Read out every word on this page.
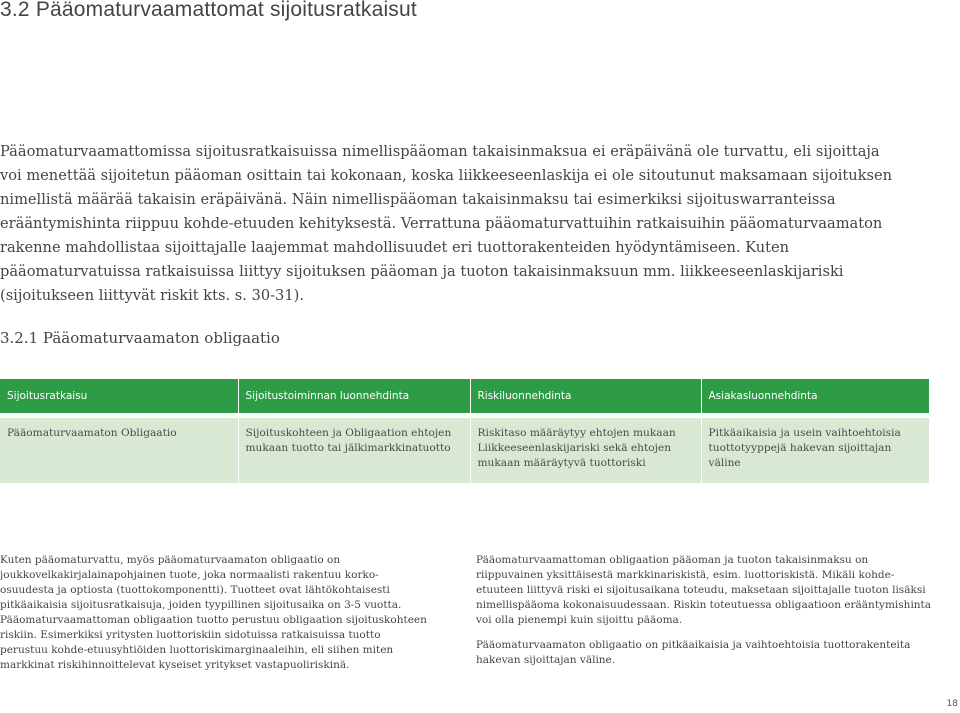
3.2 Pääomaturvaamattomat sijoitusratkaisut

Pääomaturvaamattomissa sijoitusratkaisuissa nimellispääoman takaisinmaksua ei eräpäivänä ole turvattu, eli sijoittaja voi menettää sijoitetun pääoman osittain tai kokonaan, koska liikkeeseenlaskija ei ole sitoutunut maksamaan sijoituksen nimellistä määrää takaisin eräpäivänä. Näin nimellispääoman takaisinmaksu tai esimerkiksi sijoituswarranteissa erääntymishinta riippuu kohde-etuuden kehityksestä. Verrattuna pääomaturvattuihin ratkaisuihin pääomaturvaamaton rakenne mahdollistaa sijoittajalle laajemmat mahdollisuudet eri tuottorakenteiden hyödyntämiseen. Kuten pääomaturvatuissa ratkaisuissa liittyy sijoituksen pääoman ja tuoton takaisinmaksuun mm. liikkeeseenlaskijariski (sijoitukseen liittyvät riskit kts. s. 30-31).

3.2.1 Pääomaturvaamaton obligaatio
Sijoitusratkaisu	Sijoitustoiminnan luonnehdinta	Riskiluonnehdinta	Asiakasluonnehdinta
Pääomaturvaamaton Obligaatio	Sijoituskohteen ja Obligaation ehtojen mukaan tuotto tai jälkimarkkinatuotto	Riskitaso määräytyy ehtojen mukaan Liikkeeseenlaskijariski sekä ehtojen mukaan määräytyvä tuottoriski	Pitkäaikaisia ja usein vaihtoehtoisia tuottotyyppejä hakevan sijoittajan väline

Kuten pääomaturvattu, myös pääomaturvaamaton obligaatio on joukkovelkakirjalainapohjainen tuote, joka normaalisti rakentuu korko-osuudesta ja optiosta (tuottokomponentti). Tuotteet ovat lähtökohtaisesti pitkäaikaisia sijoitusratkaisuja, joiden tyypillinen sijoitusaika on 3-5 vuotta. Pääomaturvaamattoman obligaation tuotto perustuu obligaation sijoituskohteen riskiin. Esimerkiksi yritysten luottoriskiin sidotuissa ratkaisuissa tuotto perustuu kohde-etuusyhtiöiden luottoriskimarginaaleihin, eli siihen miten markkinat riskihinnoittelevat kyseiset yritykset vastapuoliriskinä.

Pääomaturvaamattoman obligaation pääoman ja tuoton takaisinmaksu on riippuvainen yksittäisestä markkinariskistä, esim. luottoriskistä. Mikäli kohde-etuuteen liittyvä riski ei sijoitusaikana toteudu, maksetaan sijoittajalle tuoton lisäksi nimellispääoma kokonaisuudessaan. Riskin toteutuessa obligaatioon erääntymishinta voi olla pienempi kuin sijoittu pääoma.

Pääomaturvaamaton obligaatio on pitkäaikaisia ja vaihtoehtoisia tuottorakenteita hakevan sijoittajan väline.

18
